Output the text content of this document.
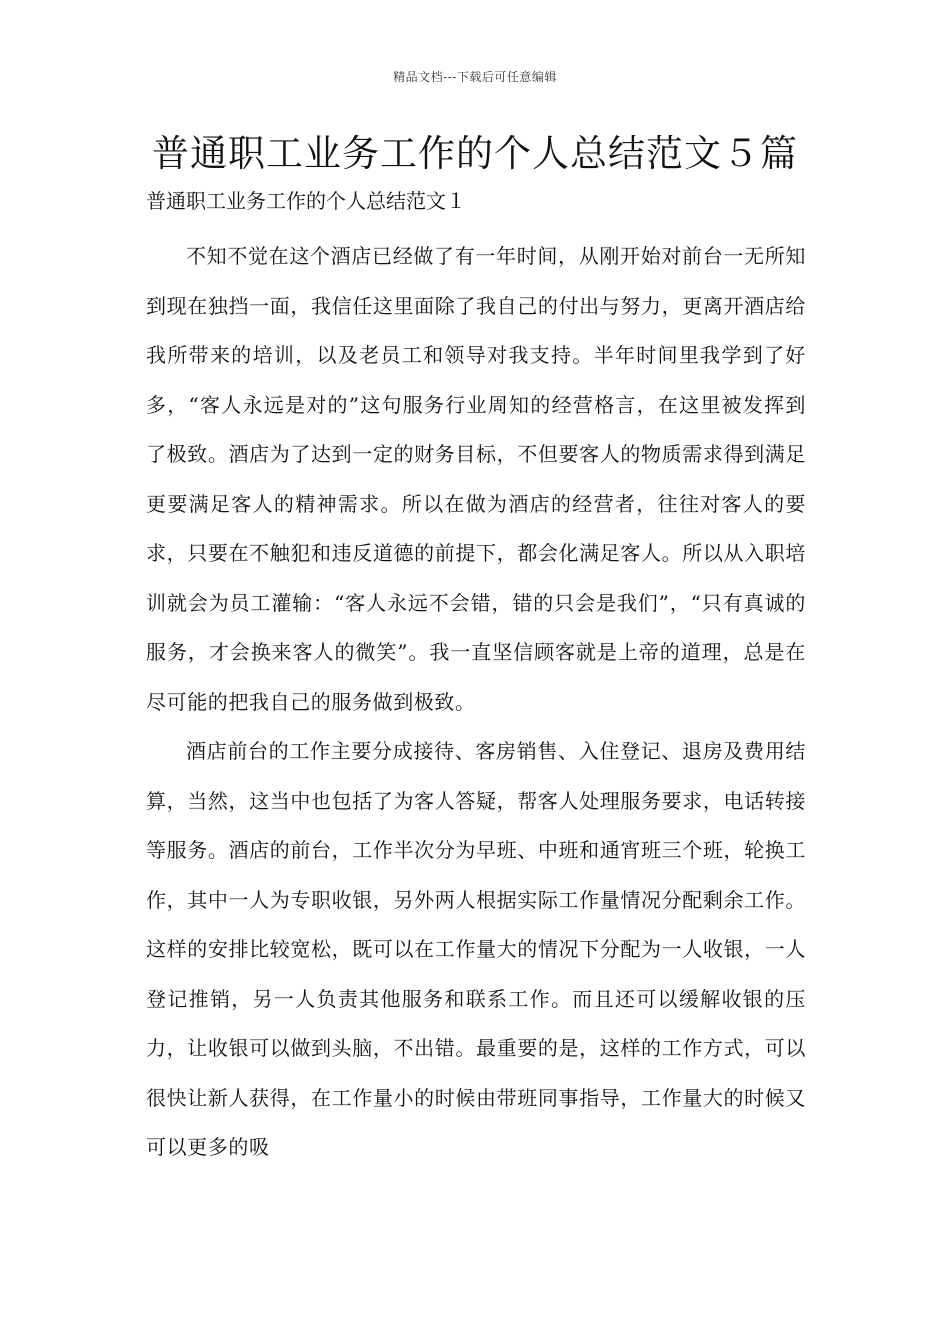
精品文档---下载后可任意编辑
普通职工业务工作的个人总结范文５篇

普通职工业务工作的个人总结范文１

不知不觉在这个酒店已经做了有一年时间，从刚开始对前台一无所知到现在独挡一面，我信任这里面除了我自己的付出与努力，更离开酒店给我所带来的培训，以及老员工和领导对我支持。半年时间里我学到了好多，“客人永远是对的”这句服务行业周知的经营格言，在这里被发挥到了极致。酒店为了达到一定的财务目标，不但要客人的物质需求得到满足更要满足客人的精神需求。所以在做为酒店的经营者，往往对客人的要求，只要在不触犯和违反道德的前提下，都会化满足客人。所以从入职培训就会为员工灌输：“客人永远不会错，错的只会是我们”，“只有真诚的服务，才会换来客人的微笑”。我一直坚信顾客就是上帝的道理，总是在尽可能的把我自己的服务做到极致。

酒店前台的工作主要分成接待、客房销售、入住登记、退房及费用结算，当然，这当中也包括了为客人答疑，帮客人处理服务要求，电话转接等服务。酒店的前台，工作半次分为早班、中班和通宵班三个班，轮换工作，其中一人为专职收银，另外两人根据实际工作量情况分配剩余工作。这样的安排比较宽松，既可以在工作量大的情况下分配为一人收银，一人登记推销，另一人负责其他服务和联系工作。而且还可以缓解收银的压力，让收银可以做到头脑，不出错。最重要的是，这样的工作方式，可以很快让新人获得，在工作量小的时候由带班同事指导，工作量大的时候又可以更多的吸
